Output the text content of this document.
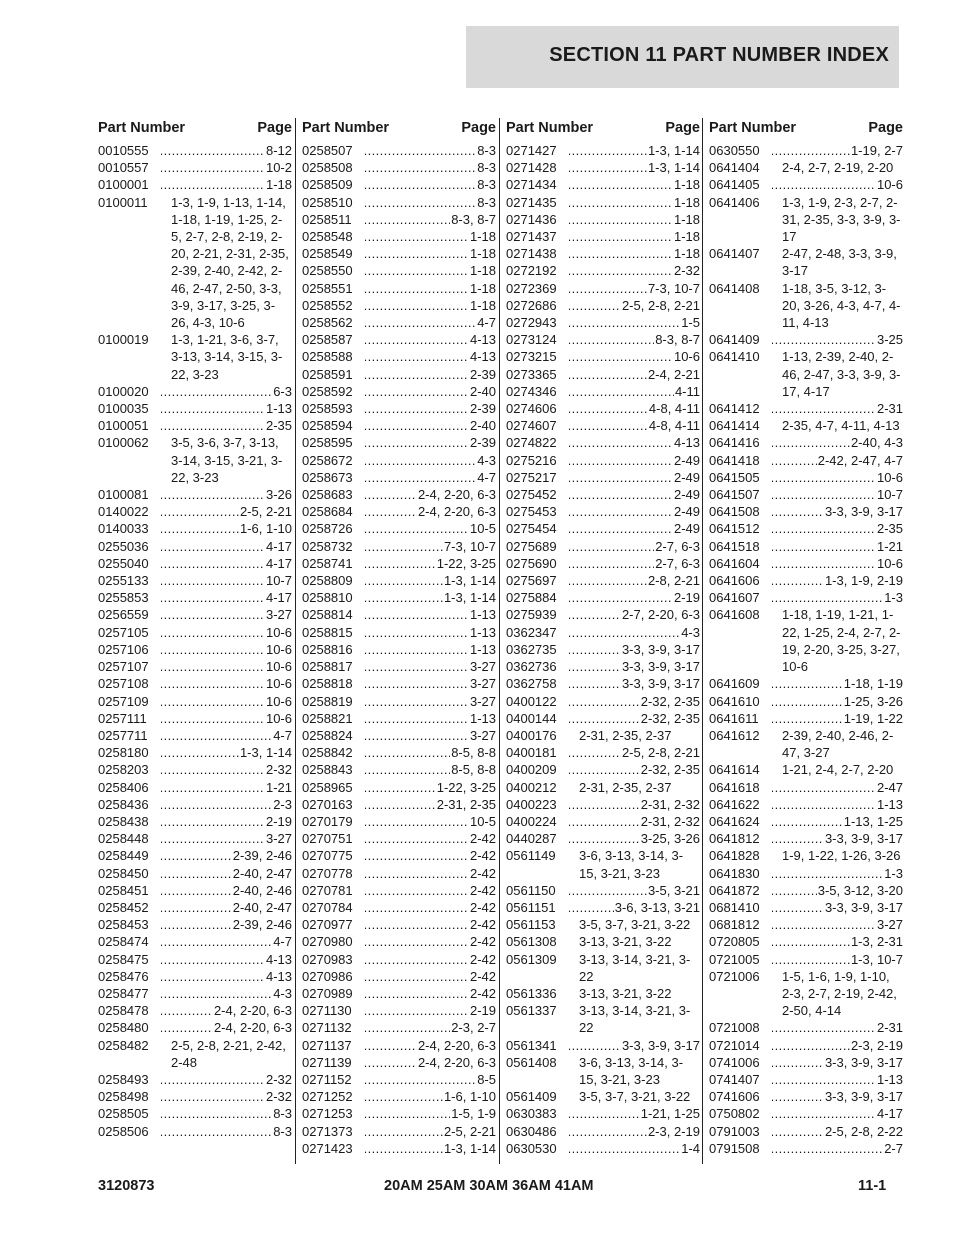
SECTION 11 PART NUMBER INDEX
Part Number	Page
0010555	..... 8-12
0010557	..... 10-2
0100001	..... 1-18
0100011	1-3, 1-9, 1-13, 1-14, 1-18, 1-19, 1-25, 2-5, 2-7, 2-8, 2-19, 2-20, 2-21, 2-31, 2-35, 2-39, 2-40, 2-42, 2-46, 2-47, 2-50, 3-3, 3-9, 3-17, 3-25, 3-26, 4-3, 10-6
0100019	1-3, 1-21, 3-6, 3-7, 3-13, 3-14, 3-15, 3-22, 3-23
0100020	..... 6-3
0100035	..... 1-13
0100051	..... 2-35
0100062	3-5, 3-6, 3-7, 3-13, 3-14, 3-15, 3-21, 3-22, 3-23
0100081	..... 3-26
0140022	..... 2-5, 2-21
0140033	..... 1-6, 1-10
0255036	..... 4-17
0255040	..... 4-17
0255133	..... 10-7
0255853	..... 4-17
0256559	..... 3-27
0257105	..... 10-6
0257106	..... 10-6
0257107	..... 10-6
0257108	..... 10-6
0257109	..... 10-6
0257111	..... 10-6
0257711	..... 4-7
0258180	..... 1-3, 1-14
0258203	..... 2-32
0258406	..... 1-21
0258436	..... 2-3
0258438	..... 2-19
0258448	..... 3-27
0258449	..... 2-39, 2-46
0258450	..... 2-40, 2-47
0258451	..... 2-40, 2-46
0258452	..... 2-40, 2-47
0258453	..... 2-39, 2-46
0258474	..... 4-7
0258475	..... 4-13
0258476	..... 4-13
0258477	..... 4-3
0258478	..... 2-4, 2-20, 6-3
0258480	..... 2-4, 2-20, 6-3
0258482	2-5, 2-8, 2-21, 2-42, 2-48
0258493	..... 2-32
0258498	..... 2-32
0258505	..... 8-3
0258506	..... 8-3
Part Number	Page
0258507	..... 8-3
0258508	..... 8-3
0258509	..... 8-3
0258510	..... 8-3
0258511	..... 8-3, 8-7
0258548	..... 1-18
0258549	..... 1-18
0258550	..... 1-18
0258551	..... 1-18
0258552	..... 1-18
0258562	..... 4-7
0258587	..... 4-13
0258588	..... 4-13
0258591	..... 2-39
0258592	..... 2-40
0258593	..... 2-39
0258594	..... 2-40
0258595	..... 2-39
0258672	..... 4-3
0258673	..... 4-7
0258683	..... 2-4, 2-20, 6-3
0258684	..... 2-4, 2-20, 6-3
0258726	..... 10-5
0258732	..... 7-3, 10-7
0258741	..... 1-22, 3-25
0258809	..... 1-3, 1-14
0258810	..... 1-3, 1-14
0258814	..... 1-13
0258815	..... 1-13
0258816	..... 1-13
0258817	..... 3-27
0258818	..... 3-27
0258819	..... 3-27
0258821	..... 1-13
0258824	..... 3-27
0258842	..... 8-5, 8-8
0258843	..... 8-5, 8-8
0258965	..... 1-22, 3-25
0270163	..... 2-31, 2-35
0270179	..... 10-5
0270751	..... 2-42
0270775	..... 2-42
0270778	..... 2-42
0270781	..... 2-42
0270784	..... 2-42
0270977	..... 2-42
0270980	..... 2-42
0270983	..... 2-42
0270986	..... 2-42
0270989	..... 2-42
0271130	..... 2-19
0271132	..... 2-3, 2-7
0271137	..... 2-4, 2-20, 6-3
0271139	..... 2-4, 2-20, 6-3
0271152	..... 8-5
0271252	..... 1-6, 1-10
0271253	..... 1-5, 1-9
0271373	..... 2-5, 2-21
0271423	..... 1-3, 1-14
Part Number	Page
0271427	..... 1-3, 1-14
0271428	..... 1-3, 1-14
0271434	..... 1-18
0271435	..... 1-18
0271436	..... 1-18
0271437	..... 1-18
0271438	..... 1-18
0272192	..... 2-32
0272369	..... 7-3, 10-7
0272686	..... 2-5, 2-8, 2-21
0272943	..... 1-5
0273124	..... 8-3, 8-7
0273215	..... 10-6
0273365	..... 2-4, 2-21
0274346	..... 4-11
0274606	..... 4-8, 4-11
0274607	..... 4-8, 4-11
0274822	..... 4-13
0275216	..... 2-49
0275217	..... 2-49
0275452	..... 2-49
0275453	..... 2-49
0275454	..... 2-49
0275689	..... 2-7, 6-3
0275690	..... 2-7, 6-3
0275697	..... 2-8, 2-21
0275884	..... 2-19
0275939	..... 2-7, 2-20, 6-3
0362347	..... 4-3
0362735	..... 3-3, 3-9, 3-17
0362736	..... 3-3, 3-9, 3-17
0362758	..... 3-3, 3-9, 3-17
0400122	..... 2-32, 2-35
0400144	..... 2-32, 2-35
0400176	2-31, 2-35, 2-37
0400181	..... 2-5, 2-8, 2-21
0400209	..... 2-32, 2-35
0400212	2-31, 2-35, 2-37
0400223	..... 2-31, 2-32
0400224	..... 2-31, 2-32
0440287	..... 3-25, 3-26
0561149	3-6, 3-13, 3-14, 3-15, 3-21, 3-23
0561150	..... 3-5, 3-21
0561151	..... 3-6, 3-13, 3-21
0561153	3-5, 3-7, 3-21, 3-22
0561308	3-13, 3-21, 3-22
0561309	3-13, 3-14, 3-21, 3-22
0561336	3-13, 3-21, 3-22
0561337	3-13, 3-14, 3-21, 3-22
0561341	..... 3-3, 3-9, 3-17
0561408	3-6, 3-13, 3-14, 3-15, 3-21, 3-23
0561409	3-5, 3-7, 3-21, 3-22
0630383	..... 1-21, 1-25
0630486	..... 2-3, 2-19
0630530	..... 1-4
Part Number	Page
0630550	..... 1-19, 2-7
0641404	2-4, 2-7, 2-19, 2-20
0641405	..... 10-6
0641406	1-3, 1-9, 2-3, 2-7, 2-31, 2-35, 3-3, 3-9, 3-17
0641407	2-47, 2-48, 3-3, 3-9, 3-17
0641408	1-18, 3-5, 3-12, 3-20, 3-26, 4-3, 4-7, 4-11, 4-13
0641409	..... 3-25
0641410	1-13, 2-39, 2-40, 2-46, 2-47, 3-3, 3-9, 3-17, 4-17
0641412	..... 2-31
0641414	2-35, 4-7, 4-11, 4-13
0641416	..... 2-40, 4-3
0641418	..... 2-42, 2-47, 4-7
0641505	..... 10-6
0641507	..... 10-7
0641508	..... 3-3, 3-9, 3-17
0641512	..... 2-35
0641518	..... 1-21
0641604	..... 10-6
0641606	..... 1-3, 1-9, 2-19
0641607	..... 1-3
0641608	1-18, 1-19, 1-21, 1-22, 1-25, 2-4, 2-7, 2-19, 2-20, 3-25, 3-27, 10-6
0641609	..... 1-18, 1-19
0641610	..... 1-25, 3-26
0641611	..... 1-19, 1-22
0641612	2-39, 2-40, 2-46, 2-47, 3-27
0641614	1-21, 2-4, 2-7, 2-20
0641618	..... 2-47
0641622	..... 1-13
0641624	..... 1-13, 1-25
0641812	..... 3-3, 3-9, 3-17
0641828	1-9, 1-22, 1-26, 3-26
0641830	..... 1-3
0641872	..... 3-5, 3-12, 3-20
0681410	..... 3-3, 3-9, 3-17
0681812	..... 3-27
0720805	..... 1-3, 2-31
0721005	..... 1-3, 10-7
0721006	1-5, 1-6, 1-9, 1-10, 2-3, 2-7, 2-19, 2-42, 2-50, 4-14
0721008	..... 2-31
0721014	..... 2-3, 2-19
0741006	..... 3-3, 3-9, 3-17
0741407	..... 1-13
0741606	..... 3-3, 3-9, 3-17
0750802	..... 4-17
0791003	..... 2-5, 2-8, 2-22
0791508	..... 2-7
3120873	20AM 25AM 30AM 36AM 41AM	11-1
